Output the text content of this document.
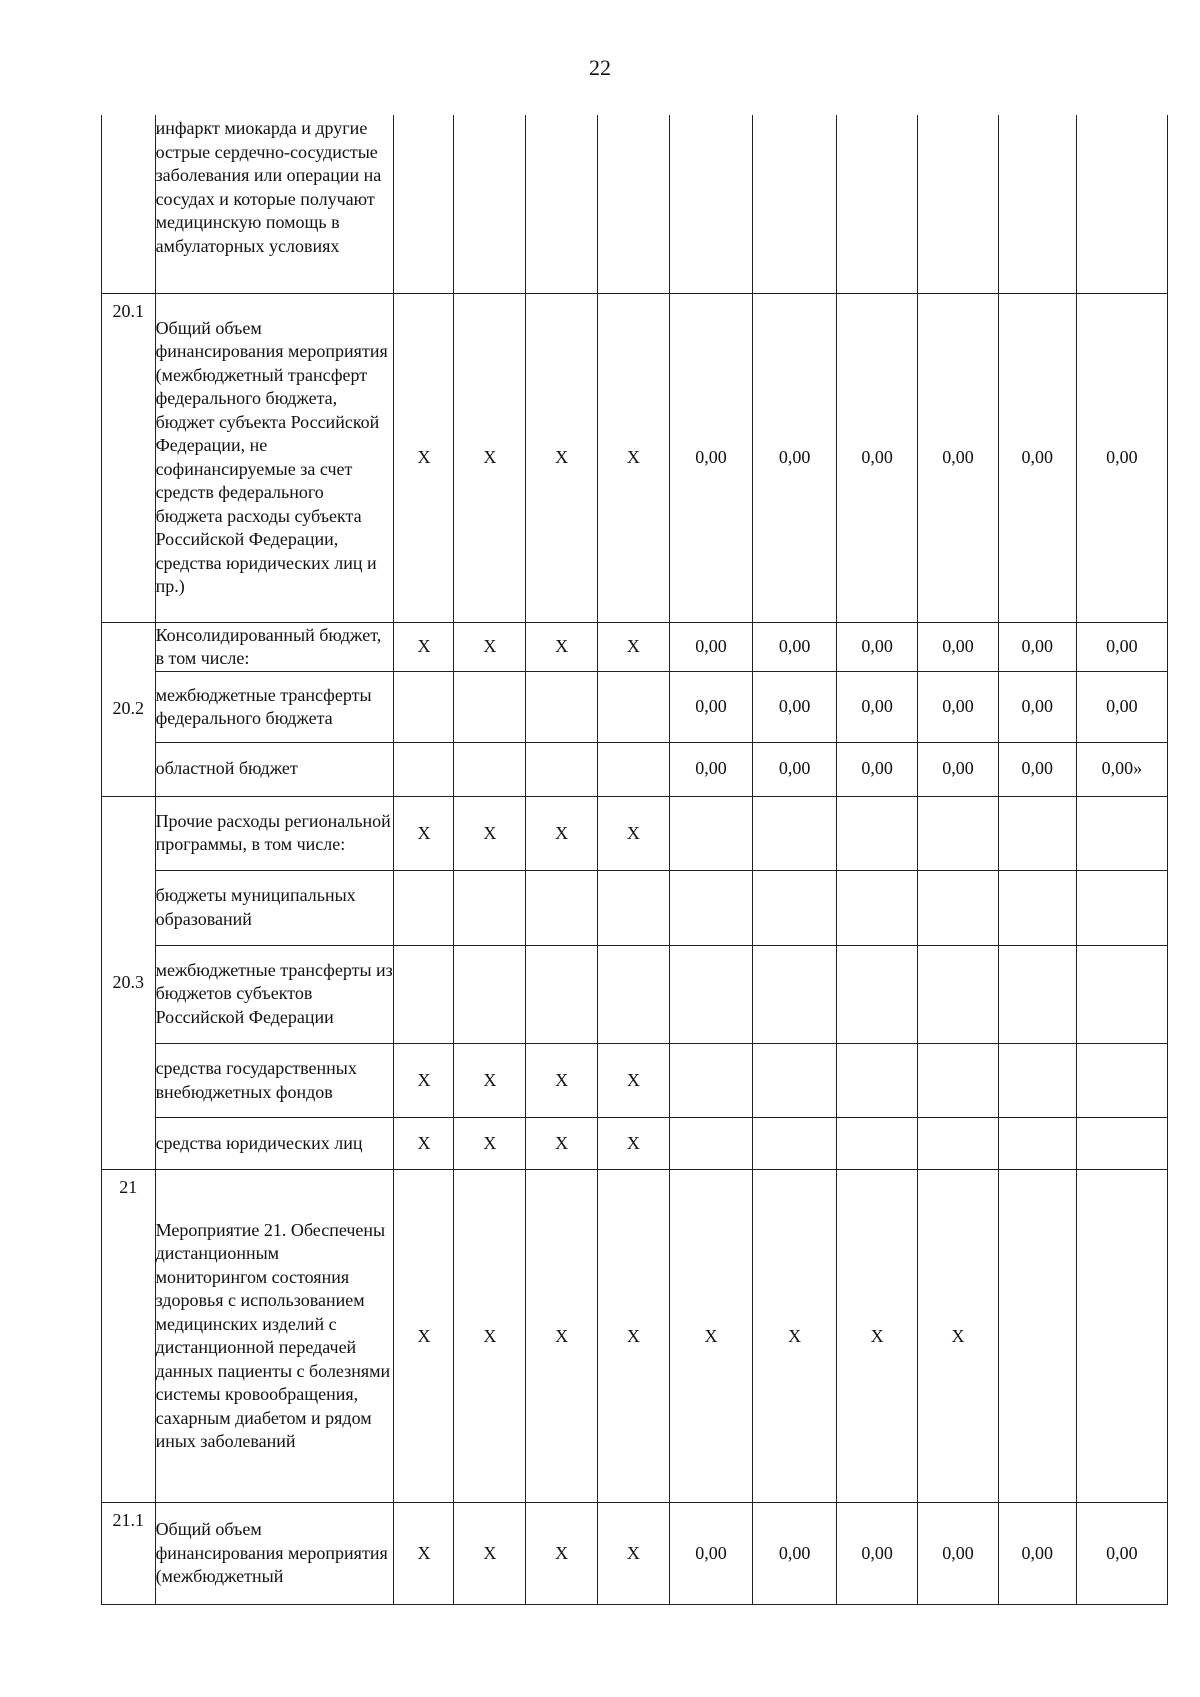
22
	инфаркт миокарда и другие острые сердечно-сосудистые заболевания или операции на сосудах и которые получают медицинскую помощь в амбулаторных условиях										
20.1	Общий объем финансирования мероприятия (межбюджетный трансферт федерального бюджета, бюджет субъекта Российской Федерации, не софинансируемые за счет средств федерального бюджета расходы субъекта Российской Федерации, средства юридических лиц и пр.)	X	X	X	X	0,00	0,00	0,00	0,00	0,00	0,00
20.2	Консолидированный бюджет, в том числе:	X	X	X	X	0,00	0,00	0,00	0,00	0,00	0,00
	межбюджетные трансферты федерального бюджета					0,00	0,00	0,00	0,00	0,00	0,00
	областной бюджет					0,00	0,00	0,00	0,00	0,00	0,00»
20.3	Прочие расходы региональной программы, в том числе:	X	X	X	X						
	бюджеты муниципальных образований										
	межбюджетные трансферты из бюджетов субъектов Российской Федерации										
	средства государственных внебюджетных фондов	X	X	X	X						
	средства юридических лиц	X	X	X	X						
21	Мероприятие 21. Обеспечены дистанционным мониторингом состояния здоровья с использованием медицинских изделий с дистанционной передачей данных пациенты с болезнями системы кровообращения, сахарным диабетом и рядом иных заболеваний	X	X	X	X	X	X	X	X		
21.1	Общий объем финансирования мероприятия (межбюджетный	X	X	X	X	0,00	0,00	0,00	0,00	0,00	0,00
